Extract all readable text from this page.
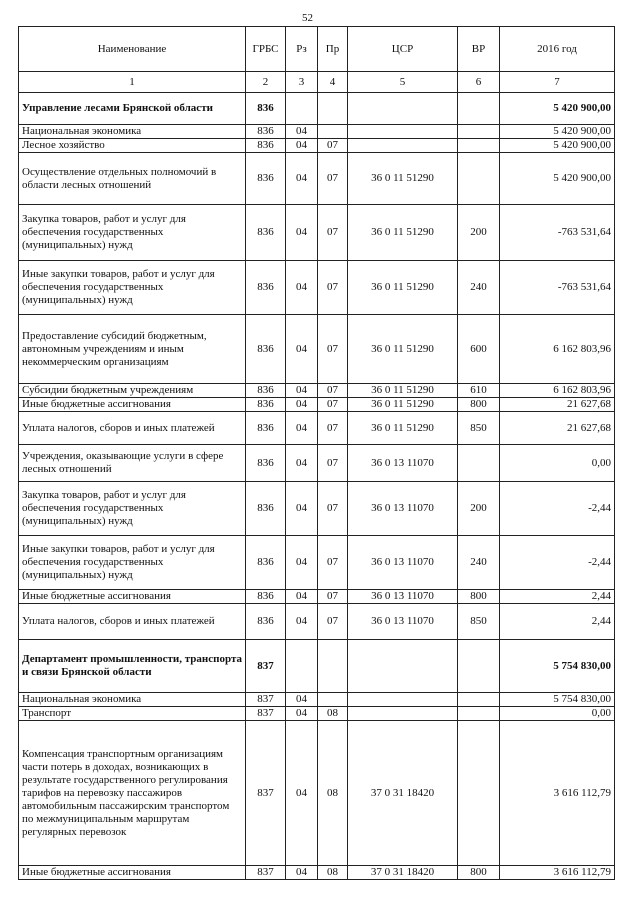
52
Наименование	ГРБС	Рз	Пр	ЦСР	ВР	2016 год
1	2	3	4	5	6	7
Управление лесами Брянской области	836					5 420 900,00
Национальная экономика	836	04				5 420 900,00
Лесное хозяйство	836	04	07			5 420 900,00
Осуществление отдельных полномочий в области лесных отношений	836	04	07	36 0 11 51290		5 420 900,00
Закупка товаров, работ и услуг для обеспечения государственных (муниципальных) нужд	836	04	07	36 0 11 51290	200	-763 531,64
Иные закупки товаров, работ и услуг для обеспечения государственных (муниципальных) нужд	836	04	07	36 0 11 51290	240	-763 531,64
Предоставление субсидий бюджетным, автономным учреждениям и иным некоммерческим организациям	836	04	07	36 0 11 51290	600	6 162 803,96
Субсидии бюджетным учреждениям	836	04	07	36 0 11 51290	610	6 162 803,96
Иные бюджетные ассигнования	836	04	07	36 0 11 51290	800	21 627,68
Уплата налогов, сборов и иных платежей	836	04	07	36 0 11 51290	850	21 627,68
Учреждения, оказывающие услуги в сфере лесных отношений	836	04	07	36 0 13 11070		0,00
Закупка товаров, работ и услуг для обеспечения государственных (муниципальных) нужд	836	04	07	36 0 13 11070	200	-2,44
Иные закупки товаров, работ и услуг для обеспечения государственных (муниципальных) нужд	836	04	07	36 0 13 11070	240	-2,44
Иные бюджетные ассигнования	836	04	07	36 0 13 11070	800	2,44
Уплата налогов, сборов и иных платежей	836	04	07	36 0 13 11070	850	2,44
Департамент промышленности, транспорта и связи Брянской области	837					5 754 830,00
Национальная экономика	837	04				5 754 830,00
Транспорт	837	04	08			0,00
Компенсация транспортным организациям части потерь в доходах, возникающих в результате государственного регулирования тарифов на перевозку пассажиров автомобильным пассажирским транспортом по межмуниципальным маршрутам регулярных перевозок	837	04	08	37 0 31 18420		3 616 112,79
Иные бюджетные ассигнования	837	04	08	37 0 31 18420	800	3 616 112,79
